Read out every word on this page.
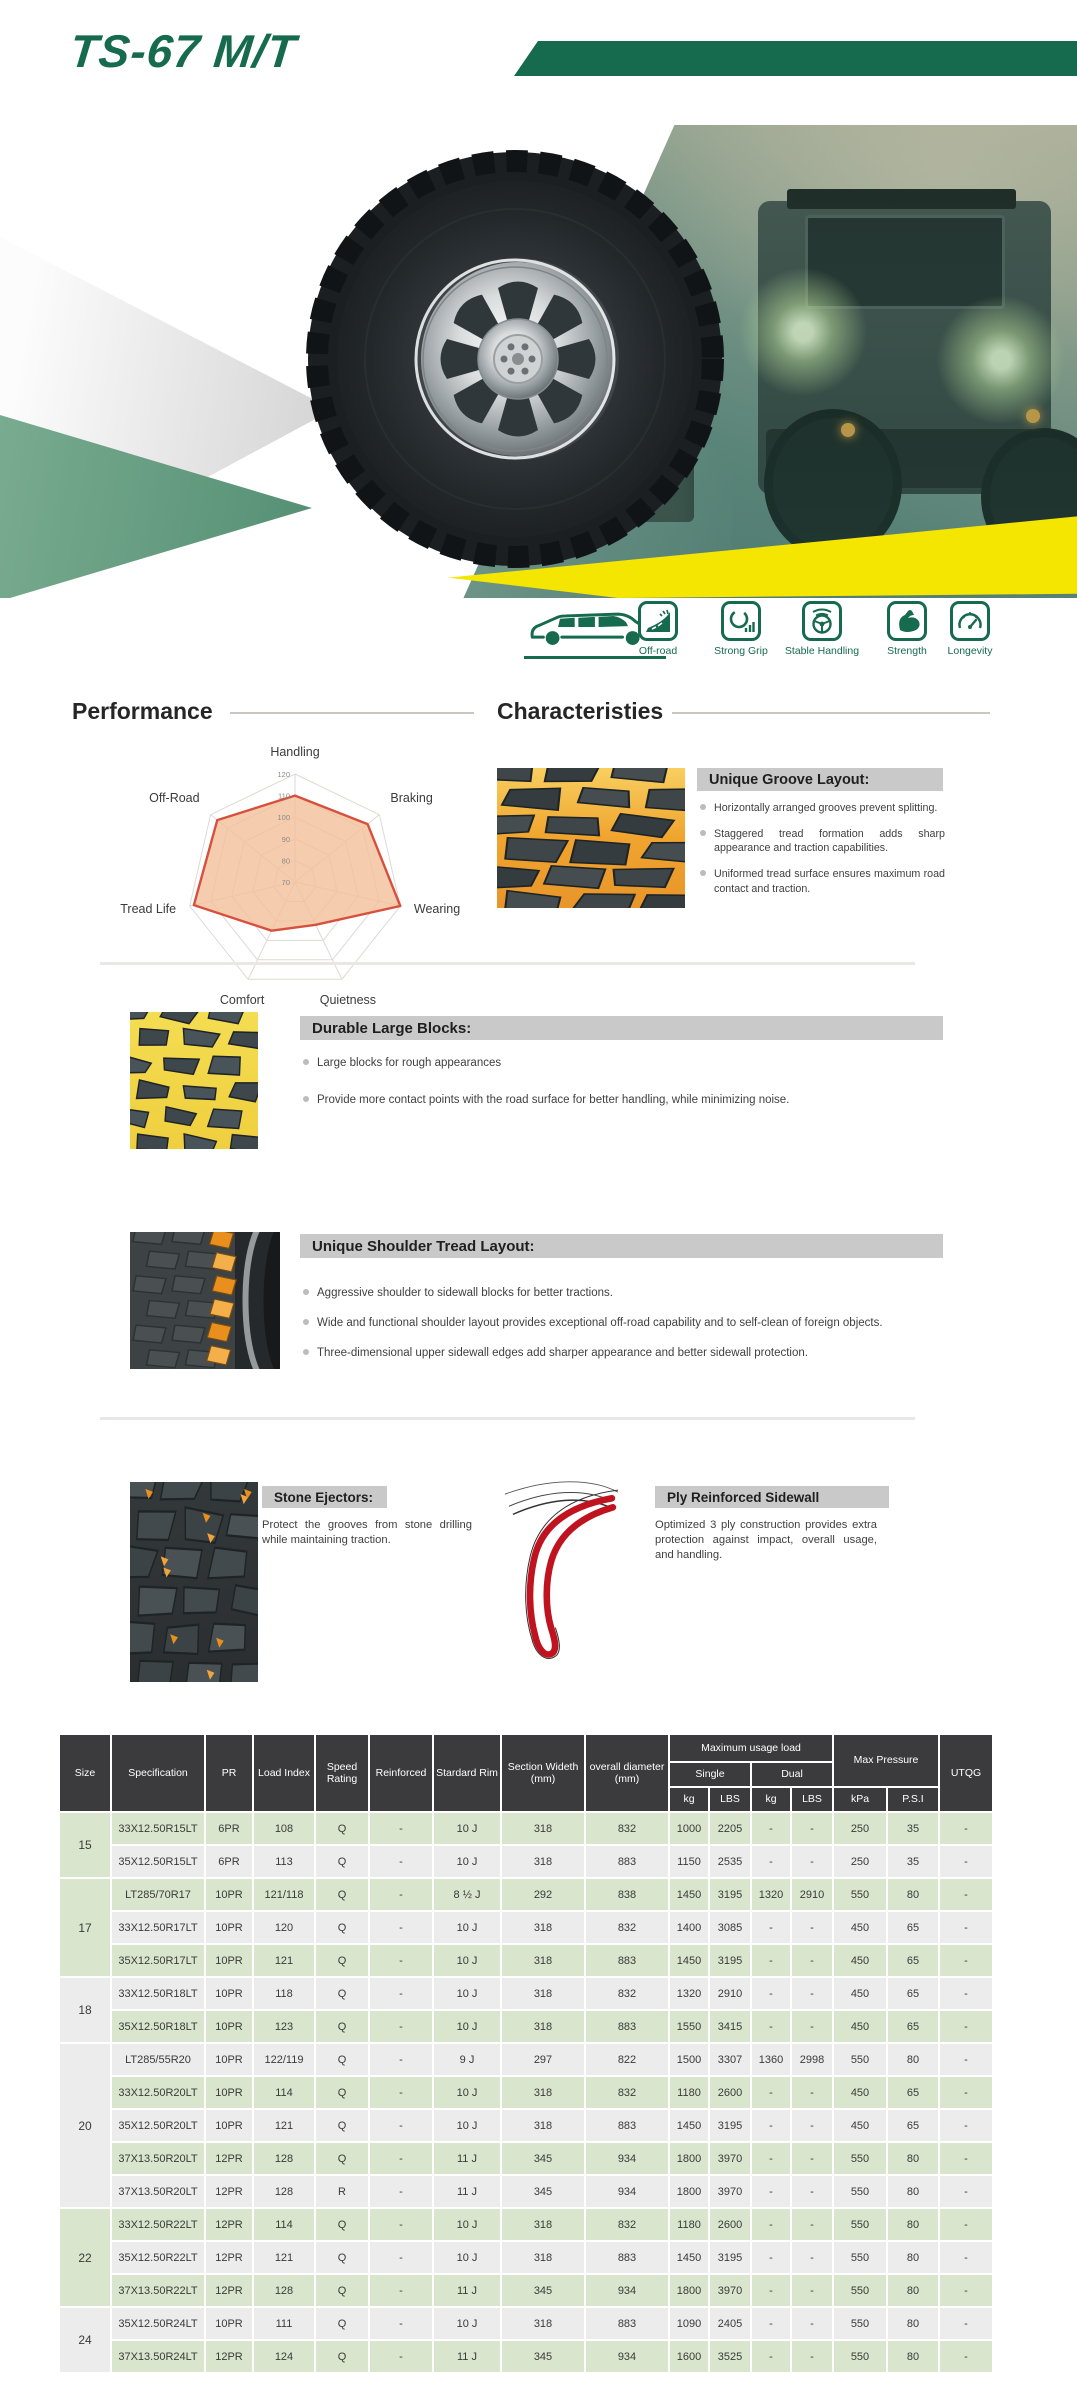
TS-67 M/T
Off-road	Strong Grip Stable Handling	Strength Longevity
Performance	Characteristies
70
80
90
100
110
120
Handling
Braking
Wearing
Quietness
Comfort
Tread Life
Off-Road
Unique Groove Layout:
Horizontally arranged grooves prevent splitting.
Staggered tread formation adds sharp appearance and traction capabilities.
Uniformed tread surface ensures maximum road contact and traction.
Durable Large Blocks:
Large blocks for rough appearances
Provide more contact points with the road surface for better handling, while minimizing noise.
Unique Shoulder Tread Layout:
Aggressive shoulder to sidewall blocks for better tractions.
Wide and functional shoulder layout provides exceptional off-road capability and to self-clean of foreign objects.
Three-dimensional upper sidewall edges add sharper appearance and better sidewall protection.
Stone Ejectors:
Protect the grooves from stone drilling while maintaining traction.
Ply Reinforced Sidewall
Optimized 3 ply construction provides extra protection against impact, overall usage, and handling.
Size	Specification	PR	Load Index	Speed Rating	Reinforced	Stardard Rim	Section Wideth (mm)	overall diameter (mm)	Maximum usage load				Max Pressure		UTQG
									Single		Dual				
									kg	LBS	kg	LBS	kPa	P.S.I	
15	33X12.50R15LT	6PR	108	Q	-	10 J	318	832	1000	2205	-	-	250	35	-
	35X12.50R15LT	6PR	113	Q	-	10 J	318	883	1150	2535	-	-	250	35	-
17	LT285/70R17	10PR	121/118	Q	-	8 ½ J	292	838	1450	3195	1320	2910	550	80	-
	33X12.50R17LT	10PR	120	Q	-	10 J	318	832	1400	3085	-	-	450	65	-
	35X12.50R17LT	10PR	121	Q	-	10 J	318	883	1450	3195	-	-	450	65	-
18	33X12.50R18LT	10PR	118	Q	-	10 J	318	832	1320	2910	-	-	450	65	-
	35X12.50R18LT	10PR	123	Q	-	10 J	318	883	1550	3415	-	-	450	65	-
20	LT285/55R20	10PR	122/119	Q	-	9 J	297	822	1500	3307	1360	2998	550	80	-
	33X12.50R20LT	10PR	114	Q	-	10 J	318	832	1180	2600	-	-	450	65	-
	35X12.50R20LT	10PR	121	Q	-	10 J	318	883	1450	3195	-	-	450	65	-
	37X13.50R20LT	12PR	128	Q	-	11 J	345	934	1800	3970	-	-	550	80	-
	37X13.50R20LT	12PR	128	R	-	11 J	345	934	1800	3970	-	-	550	80	-
22	33X12.50R22LT	12PR	114	Q	-	10 J	318	832	1180	2600	-	-	550	80	-
	35X12.50R22LT	12PR	121	Q	-	10 J	318	883	1450	3195	-	-	550	80	-
	37X13.50R22LT	12PR	128	Q	-	11 J	345	934	1800	3970	-	-	550	80	-
24	35X12.50R24LT	10PR	111	Q	-	10 J	318	883	1090	2405	-	-	550	80	-
	37X13.50R24LT	12PR	124	Q	-	11 J	345	934	1600	3525	-	-	550	80	-
